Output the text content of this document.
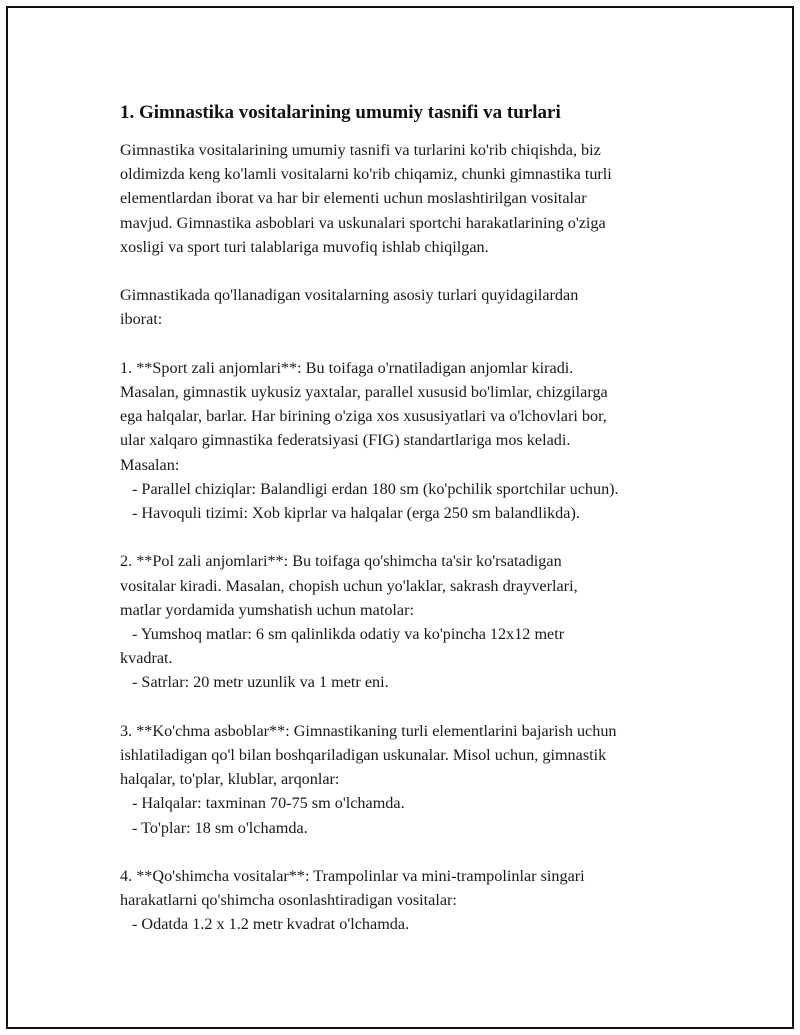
1. Gimnastika vositalarining umumiy tasnifi va turlari

Gimnastika vositalarining umumiy tasnifi va turlarini ko'rib chiqishda, biz
oldimizda keng ko'lamli vositalarni ko'rib chiqamiz, chunki gimnastika turli
elementlardan iborat va har bir elementi uchun moslashtirilgan vositalar
mavjud. Gimnastika asboblari va uskunalari sportchi harakatlarining o'ziga
xosligi va sport turi talablariga muvofiq ishlab chiqilgan.

Gimnastikada qo'llanadigan vositalarning asosiy turlari quyidagilardan
iborat:

1. **Sport zali anjomlari**: Bu toifaga o'rnatiladigan anjomlar kiradi.
Masalan, gimnastik uykusiz yaxtalar, parallel xususid bo'limlar, chizgilarga
ega halqalar, barlar. Har birining o'ziga xos xususiyatlari va o'lchovlari bor,
ular xalqaro gimnastika federatsiyasi (FIG) standartlariga mos keladi.
Masalan:
- Parallel chiziqlar: Balandligi erdan 180 sm (ko'pchilik sportchilar uchun).
- Havoquli tizimi: Xob kiprlar va halqalar (erga 250 sm balandlikda).

2. **Pol zali anjomlari**: Bu toifaga qo'shimcha ta'sir ko'rsatadigan
vositalar kiradi. Masalan, chopish uchun yo'laklar, sakrash drayverlari,
matlar yordamida yumshatish uchun matolar:
- Yumshoq matlar: 6 sm qalinlikda odatiy va ko'pincha 12x12 metr
kvadrat.
- Satrlar: 20 metr uzunlik va 1 metr eni.

3. **Ko'chma asboblar**: Gimnastikaning turli elementlarini bajarish uchun
ishlatiladigan qo'l bilan boshqariladigan uskunalar. Misol uchun, gimnastik
halqalar, to'plar, klublar, arqonlar:
- Halqalar: taxminan 70-75 sm o'lchamda.
- To'plar: 18 sm o'lchamda.

4. **Qo'shimcha vositalar**: Trampolinlar va mini-trampolinlar singari
harakatlarni qo'shimcha osonlashtiradigan vositalar:
- Odatda 1.2 x 1.2 metr kvadrat o'lchamda.
